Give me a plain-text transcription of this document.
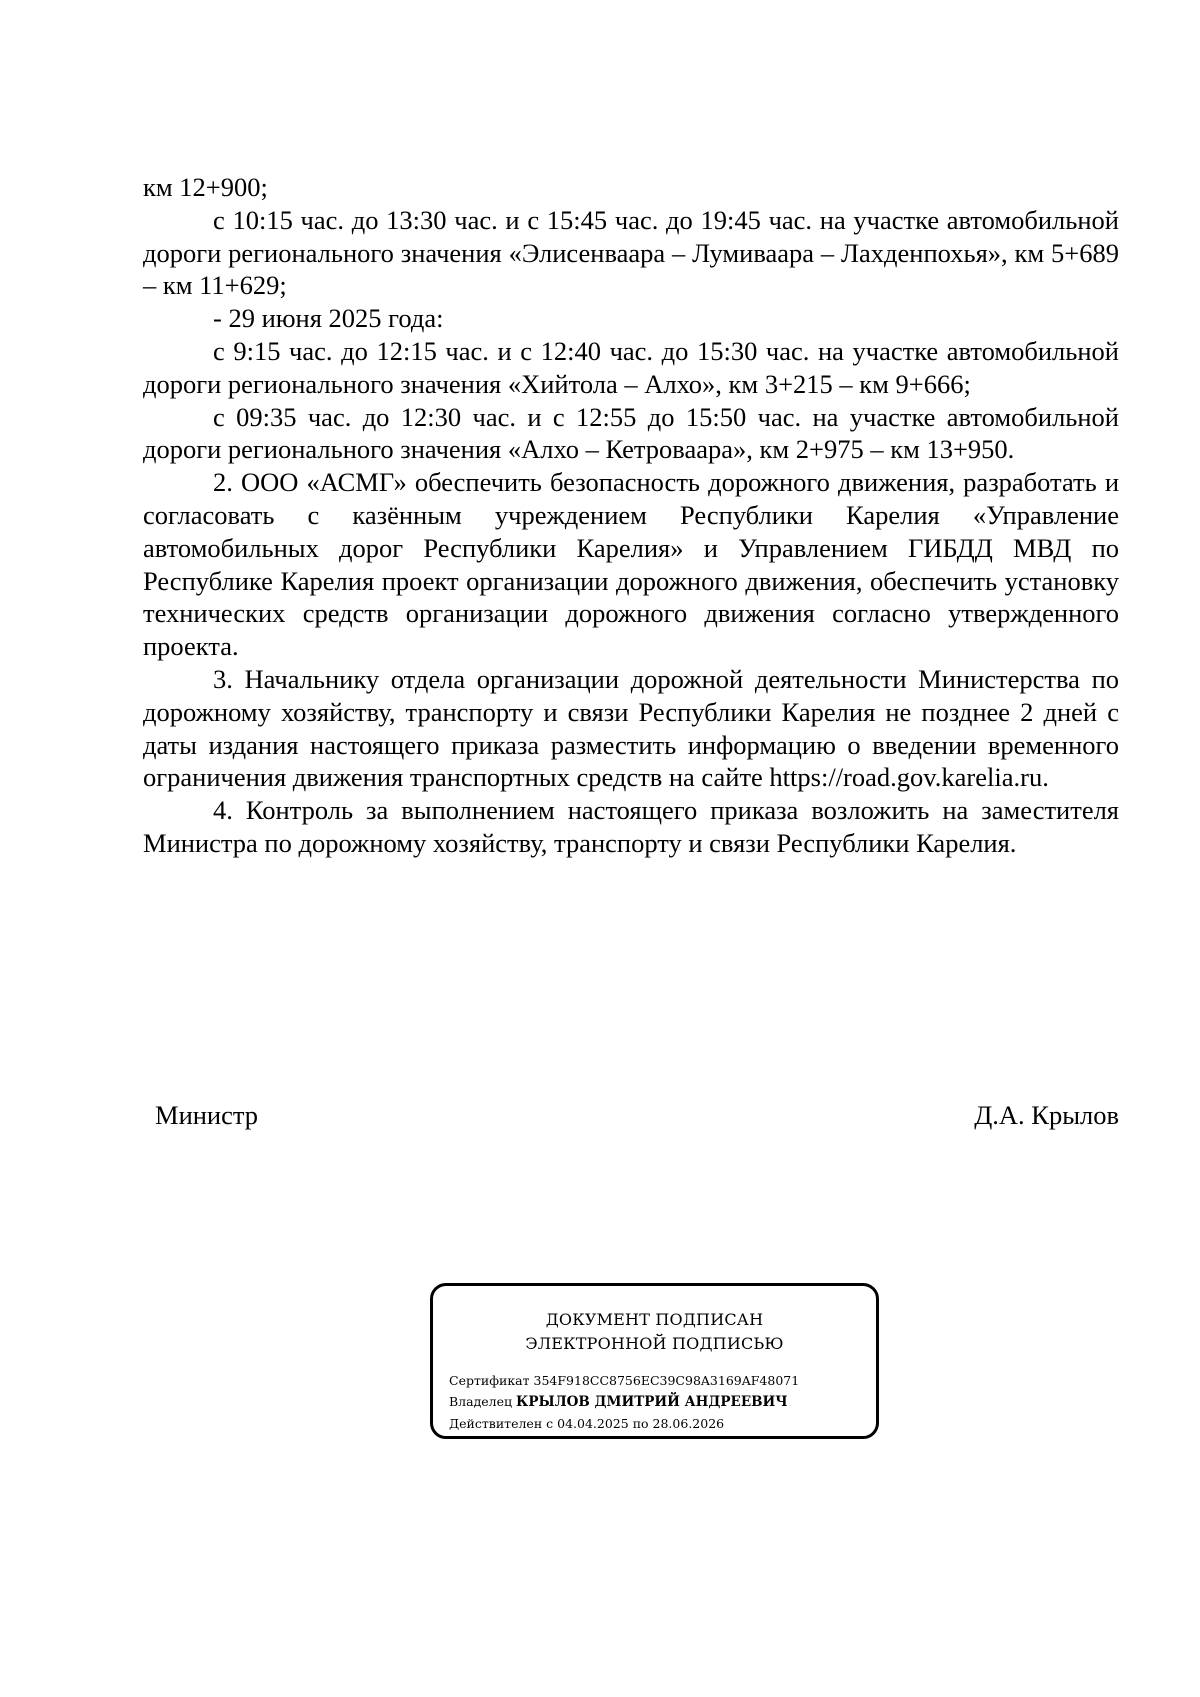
км 12+900;

с 10:15 час. до 13:30 час. и с 15:45 час. до 19:45 час. на участке автомобильной дороги регионального значения «Элисенваара – Лумиваара – Лахденпохья», км 5+689 – км 11+629;

- 29 июня 2025 года:

с 9:15 час. до 12:15 час. и с 12:40 час. до 15:30 час. на участке автомобильной дороги регионального значения «Хийтола – Алхо», км 3+215 – км 9+666;

с 09:35 час. до 12:30 час. и с 12:55 до 15:50 час. на участке автомобильной дороги регионального значения «Алхо – Кетроваара», км 2+975 – км 13+950.

2. ООО «АСМГ» обеспечить безопасность дорожного движения, разработать и согласовать с казённым учреждением Республики Карелия «Управление автомобильных дорог Республики Карелия» и Управлением ГИБДД МВД по Республике Карелия проект организации дорожного движения, обеспечить установку технических средств организации дорожного движения согласно утвержденного проекта.

3. Начальнику отдела организации дорожной деятельности Министерства по дорожному хозяйству, транспорту и связи Республики Карелия не позднее 2 дней с даты издания настоящего приказа разместить информацию о введении временного ограничения движения транспортных средств на сайте https://road.gov.karelia.ru.

4. Контроль за выполнением настоящего приказа возложить на заместителя Министра по дорожному хозяйству, транспорту и связи Республики Карелия.

Министр	Д.А. Крылов
ДОКУМЕНТ ПОДПИСАН
ЭЛЕКТРОННОЙ ПОДПИСЬЮ
Сертификат 354F918CC8756EC39C98A3169AF48071
Владелец КРЫЛОВ ДМИТРИЙ АНДРЕЕВИЧ
Действителен с 04.04.2025 по 28.06.2026
